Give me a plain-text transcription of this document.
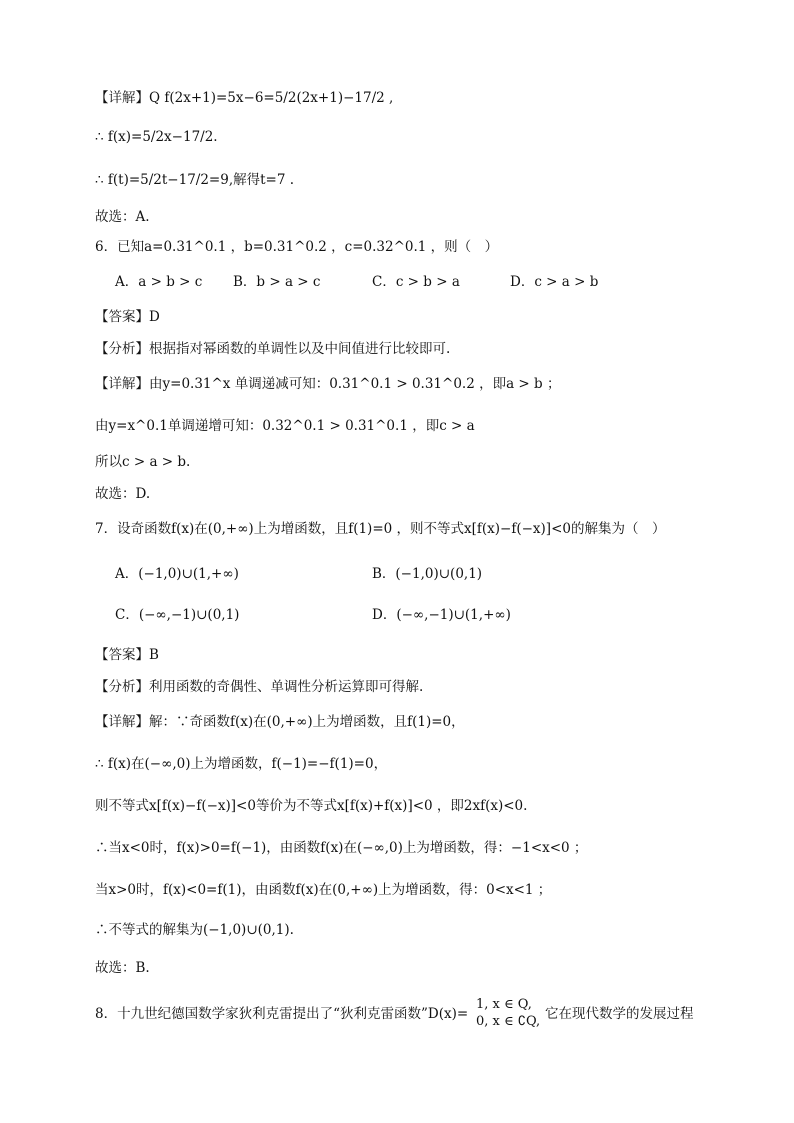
【详解】Q f(2x+1)=5x−6=5/2(2x+1)−17/2 ,
∴ f(x)=5/2x−17/2.
∴ f(t)=5/2t−17/2=9,解得t=7 .
故选：A.
6．已知a=0.31^0.1 ，b=0.31^0.2 ，c=0.32^0.1 ，则（　）
A．a > b > c B．b > a > c	C．c > b > a	D．c > a > b
【答案】D
【分析】根据指对幂函数的单调性以及中间值进行比较即可.
【详解】由y=0.31^x 单调递减可知：0.31^0.1 > 0.31^0.2 ，即a > b ；
由y=x^0.1单调递增可知：0.32^0.1 > 0.31^0.1 ，即c > a
所以c > a > b.
故选：D.
7．设奇函数f(x)在(0,+∞)上为增函数，且f(1)=0 ，则不等式x[f(x)−f(−x)]<0的解集为（　）
A．(−1,0)∪(1,+∞)	B．(−1,0)∪(0,1)
C．(−∞,−1)∪(0,1)	D．(−∞,−1)∪(1,+∞)
【答案】B
【分析】利用函数的奇偶性、单调性分析运算即可得解.
【详解】解：∵奇函数f(x)在(0,+∞)上为增函数，且f(1)=0，
∴ f(x)在(−∞,0)上为增函数，f(−1)=−f(1)=0，
则不等式x[f(x)−f(−x)]<0等价为不等式x[f(x)+f(x)]<0 ，即2xf(x)<0.
∴当x<0时，f(x)>0=f(−1)，由函数f(x)在(−∞,0)上为增函数，得：−1<x<0 ；
当x>0时，f(x)<0=f(1)，由函数f(x)在(0,+∞)上为增函数，得：0<x<1 ；
∴不等式的解集为(−1,0)∪(0,1).
故选：B.
8．十九世纪德国数学家狄利克雷提出了“狄利克雷函数”D(x)=
1, x ∈ Q,
0, x ∈ ∁Q, 它在现代数学的发展过程
